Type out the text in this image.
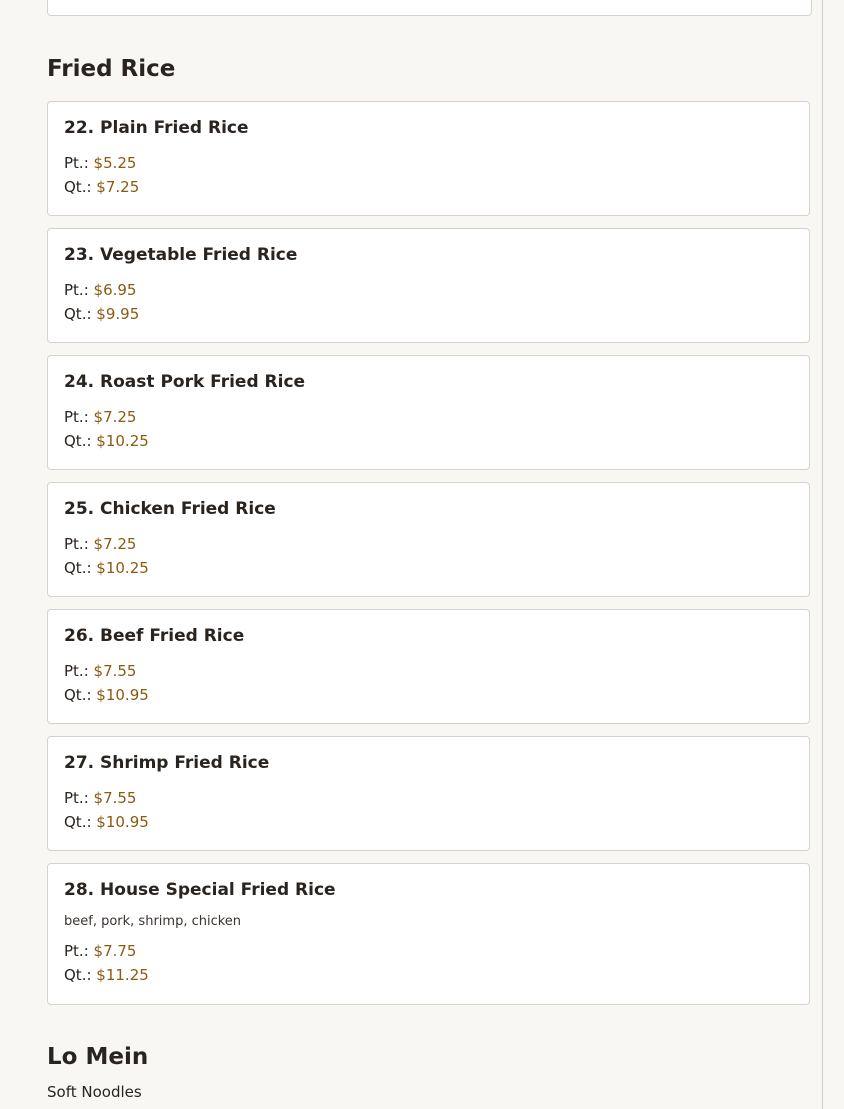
Fried Rice
22. Plain Fried Rice
Pt.: $5.25
Qt.: $7.25
23. Vegetable Fried Rice
Pt.: $6.95
Qt.: $9.95
24. Roast Pork Fried Rice
Pt.: $7.25
Qt.: $10.25
25. Chicken Fried Rice
Pt.: $7.25
Qt.: $10.25
26. Beef Fried Rice
Pt.: $7.55
Qt.: $10.95
27. Shrimp Fried Rice
Pt.: $7.55
Qt.: $10.95
28. House Special Fried Rice
beef, pork, shrimp, chicken
Pt.: $7.75
Qt.: $11.25
Lo Mein

Soft Noodles
